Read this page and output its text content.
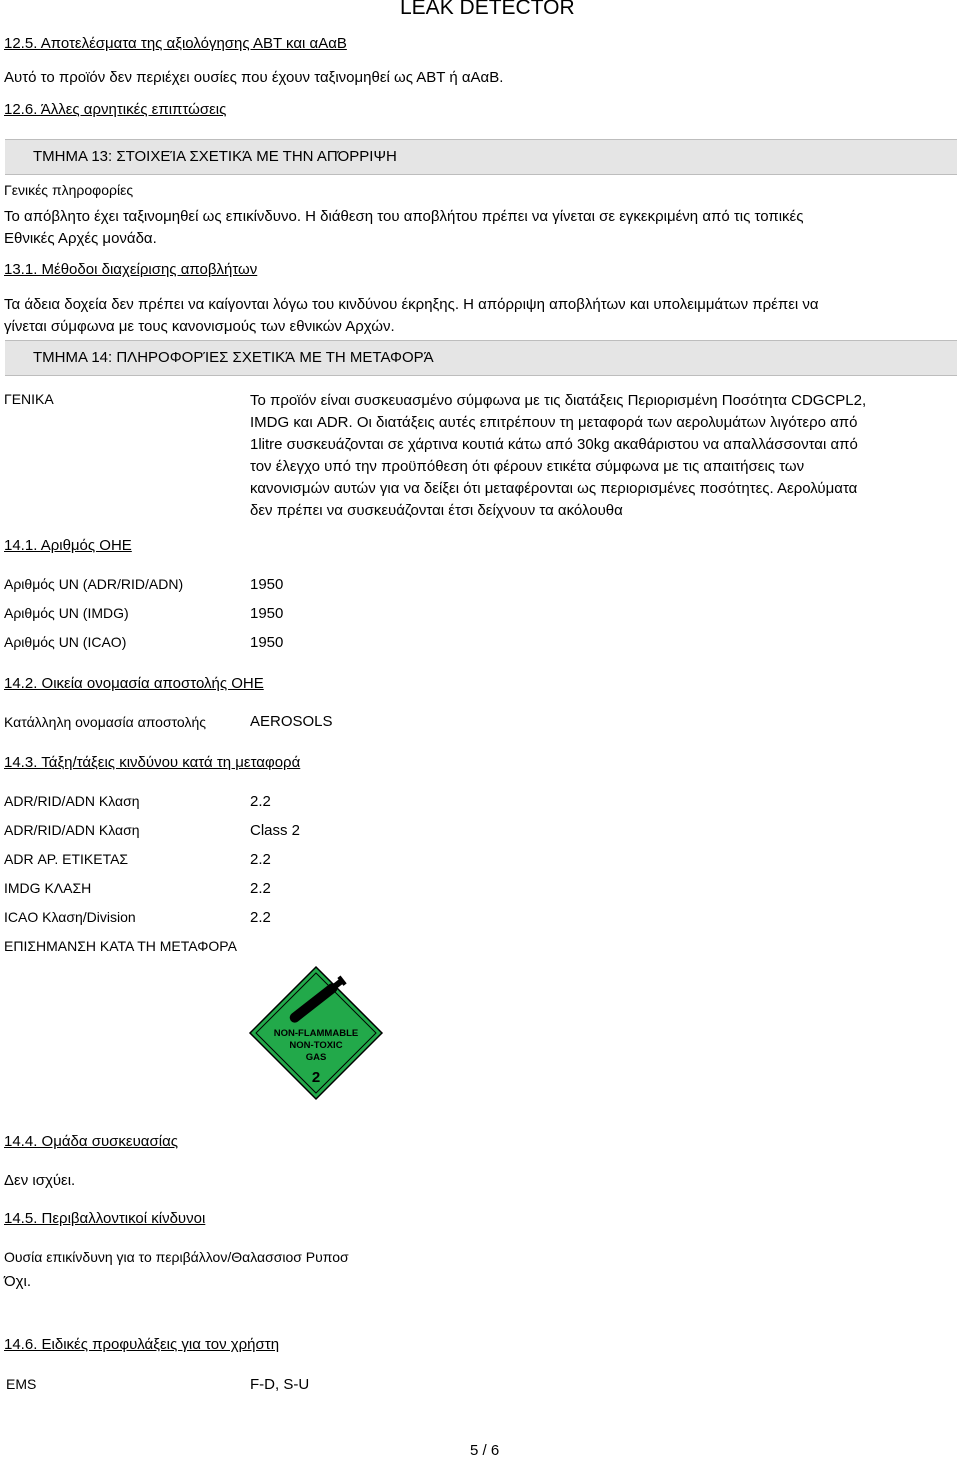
LEAK DETECTOR
12.5. Αποτελέσματα της αξιολόγησης ΑΒΤ και αΑαΒ
Αυτό το προϊόν δεν περιέχει ουσίες που έχουν ταξινομηθεί ως ΑΒΤ ή αΑαΒ.
12.6. Άλλες αρνητικές επιπτώσεις
ΤΜΗΜΑ 13: ΣΤΟΙΧΕΊΑ ΣΧΕΤΙΚΆ ΜΕ ΤΗΝ ΑΠΌΡΡΙΨΗ
Γενικές πληροφορίες
Το απόβλητο έχει ταξινομηθεί ως επικίνδυνο. Η διάθεση του αποβλήτου πρέπει να γίνεται σε εγκεκριμένη από τις τοπικές
Εθνικές Αρχές μονάδα.
13.1. Μέθοδοι διαχείρισης αποβλήτων
Τα άδεια δοχεία δεν πρέπει να καίγονται λόγω του κινδύνου έκρηξης. Η απόρριψη αποβλήτων και υπολειμμάτων πρέπει να
γίνεται σύμφωνα με τους κανονισμούς των εθνικών Αρχών.
ΤΜΗΜΑ 14: ΠΛΗΡΟΦΟΡΊΕΣ ΣΧΕΤΙΚΆ ΜΕ ΤΗ ΜΕΤΑΦΟΡΆ
ΓΕΝΙΚΑ	Το προϊόν είναι συσκευασμένο σύμφωνα με τις διατάξεις Περιορισμένη Ποσότητα CDGCPL2,
IMDG και ADR. Οι διατάξεις αυτές επιτρέπουν τη μεταφορά των αερολυμάτων λιγότερο από
1litre συσκευάζονται σε χάρτινα κουτιά κάτω από 30kg ακαθάριστου να απαλλάσσονται από
τον έλεγχο υπό την προϋπόθεση ότι φέρουν ετικέτα σύμφωνα με τις απαιτήσεις των
κανονισμών αυτών για να δείξει ότι μεταφέρονται ως περιορισμένες ποσότητες. Αερολύματα
δεν πρέπει να συσκευάζονται έτσι δείχνουν τα ακόλουθα
14.1. Αριθμός ΟΗΕ
Αριθμός UN (ADR/RID/ADN)	1950
Αριθμός UN (IMDG)	1950
Αριθμός UN (ICAO)	1950
14.2. Οικεία ονομασία αποστολής ΟΗΕ
Κατάλληλη ονομασία αποστολής	AEROSOLS
14.3. Τάξη/τάξεις κινδύνου κατά τη μεταφορά
ADR/RID/ADN Κλαση	2.2
ADR/RID/ADN Κλαση	Class 2
ADR ΑΡ. ΕΤΙΚΕΤΑΣ	2.2
IMDG ΚΛΑΣΗ	2.2
ICAO Κλαση/Division	2.2
ΕΠΙΣΗΜΑΝΣΗ ΚΑΤΑ ΤΗ ΜΕΤΑΦΟΡΑ
NON-FLAMMABLE
NON-TOXIC
GAS
2
14.4. Ομάδα συσκευασίας
Δεν ισχύει.
14.5. Περιβαλλοντικοί κίνδυνοι
Ουσία επικίνδυνη για το περιβάλλον/Θαλασσιοσ Ρυποσ
Όχι.
14.6. Ειδικές προφυλάξεις για τον χρήστη
EMS	F-D, S-U
5 / 6
